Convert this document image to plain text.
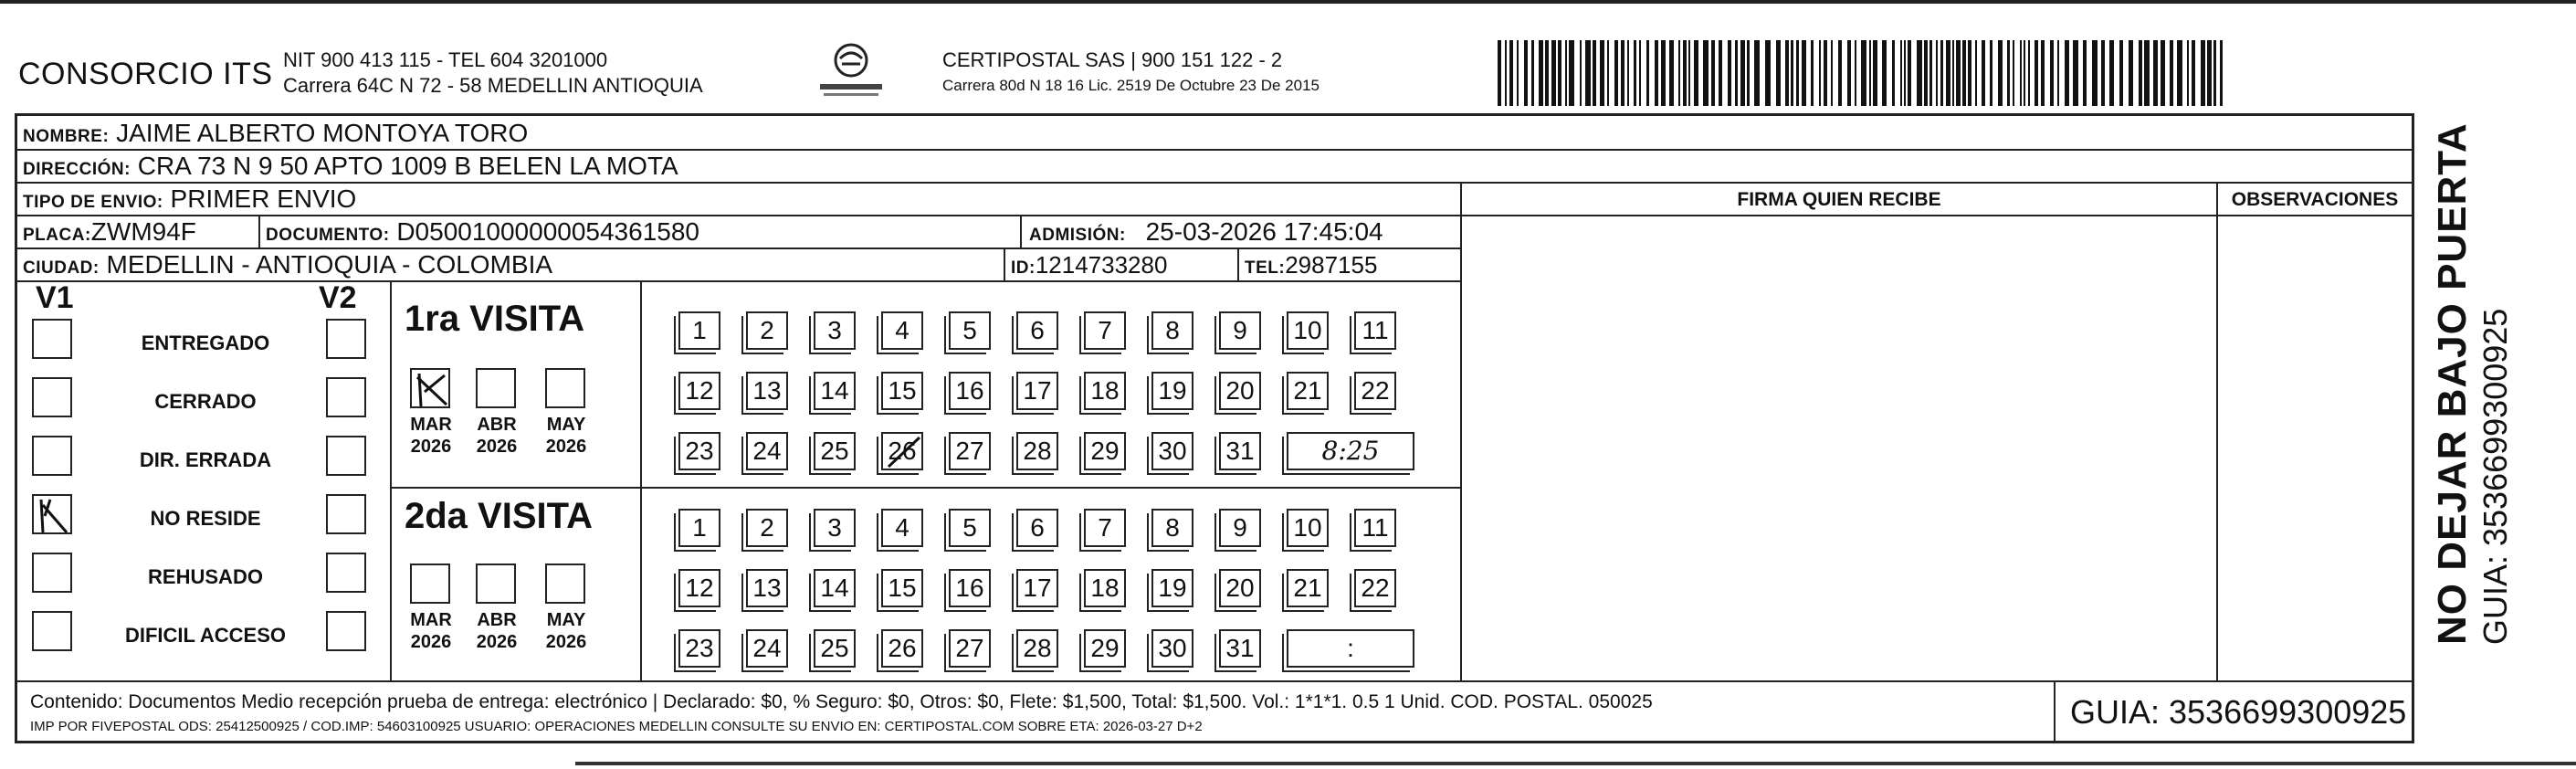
CONSORCIO ITS NIT 900 413 115 - TEL 604 3201000
Carrera 64C N 72 - 58 MEDELLIN ANTIOQUIA
CERTIPOSTAL SAS | 900 151 122 - 2
Carrera 80d N 18 16 Lic. 2519 De Octubre 23 De 2015
NOMBRE: JAIME ALBERTO MONTOYA TORO
DIRECCIÓN: CRA 73 N 9 50 APTO 1009 B BELEN LA MOTA
TIPO DE ENVIO: PRIMER ENVIO
PLACA:ZWM94F	DOCUMENTO: D05001000000054361580	ADMISIÓN: 25-03-2026 17:45:04
CIUDAD: MEDELLIN - ANTIOQUIA - COLOMBIA	ID:1214733280	TEL:2987155
FIRMA QUIEN RECIBE	OBSERVACIONES
V1	V2
ENTREGADO
CERRADO
DIR. ERRADA
NO RESIDE
REHUSADO
DIFICIL ACCESO
1ra VISITA
2da VISITA
MAR
2026
ABR
2026
MAY
2026
MAR
2026
ABR
2026
MAY
2026
1	2	3	4	5	6	7	8	9	10	11
12 13 14 15 16 17 18 19 20 21 22
23 24 25 26 27 28 29 30 31	8:25
1	2	3	4	5	6	7	8	9	10	11
12 13 14 15 16 17 18 19 20 21 22
23 24 25 26 27 28 29 30 31	:
Contenido: Documentos Medio recepción prueba de entrega: electrónico | Declarado: $0, % Seguro: $0, Otros: $0, Flete: $1,500, Total: $1,500. Vol.: 1*1*1. 0.5 1 Unid. COD. POSTAL. 050025
IMP POR FIVEPOSTAL ODS: 25412500925 / COD.IMP: 54603100925 USUARIO: OPERACIONES MEDELLIN CONSULTE SU ENVIO EN: CERTIPOSTAL.COM SOBRE ETA: 2026-03-27 D+2	GUIA: 3536699300925
NO DEJAR BAJO PUERTA GUIA: 3536699300925
